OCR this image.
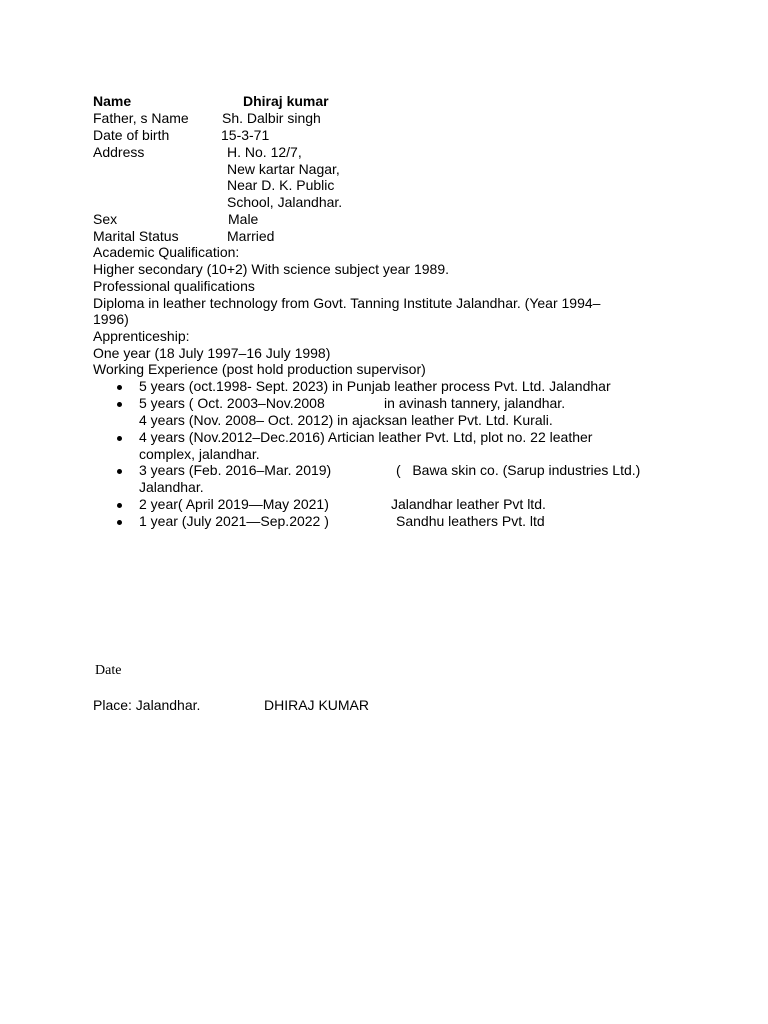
Name	Dhiraj kumar
Father, s Name Sh. Dalbir singh
Date of birth	15-3-71
Address	H. No. 12/7,
New kartar Nagar,
Near D. K. Public
School, Jalandhar.
Sex	Male
Marital Status	Married
Academic Qualification:
Higher secondary (10+2) With science subject year 1989.
Professional qualifications
Diploma in leather technology from Govt. Tanning Institute Jalandhar. (Year 1994–
1996)
Apprenticeship:
One year (18 July 1997–16 July 1998)
Working Experience (post hold production supervisor)
5 years (oct.1998- Sept. 2023) in Punjab leather process Pvt. Ltd. Jalandhar
5 years ( Oct. 2003–Nov.2008	in avinash tannery, jalandhar.
4 years (Nov. 2008– Oct. 2012) in ajacksan leather Pvt. Ltd. Kurali.
4 years (Nov.2012–Dec.2016) Artician leather Pvt. Ltd, plot no. 22 leather
complex, jalandhar.
3 years (Feb. 2016–Mar. 2019)	(   Bawa skin co. (Sarup industries Ltd.)
Jalandhar.
2 year( April 2019—May 2021)	Jalandhar leather Pvt ltd.
1 year (July 2021—Sep.2022 )	Sandhu leathers Pvt. ltd
Date
Place: Jalandhar.	DHIRAJ KUMAR
